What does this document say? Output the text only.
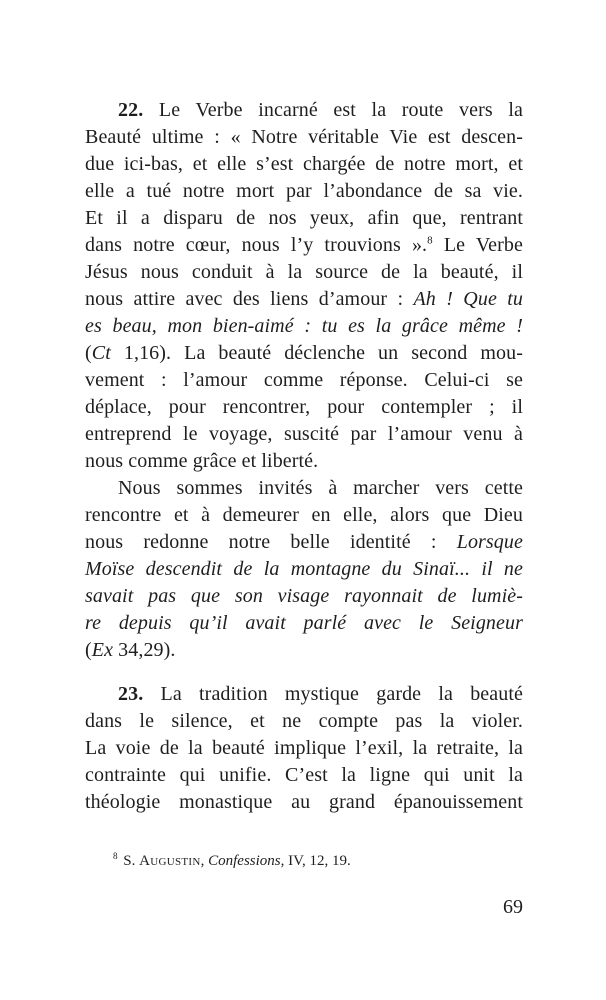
22. Le Verbe incarné est la route vers la
Beauté ultime : « Notre véritable Vie est descen-
due ici-bas, et elle s’est chargée de notre mort, et
elle a tué notre mort par l’abondance de sa vie.
Et il a disparu de nos yeux, afin que, rentrant
dans notre cœur, nous l’y trouvions ».$^8$ Le Verbe
Jésus nous conduit à la source de la beauté, il
nous attire avec des liens d’amour : Ah ! Que tu
es beau, mon bien-aimé : tu es la grâce même !
(Ct 1,16). La beauté déclenche un second mou-
vement : l’amour comme réponse. Celui-ci se
déplace, pour rencontrer, pour contempler ; il
entreprend le voyage, suscité par l’amour venu à
nous comme grâce et liberté.
Nous sommes invités à marcher vers cette
rencontre et à demeurer en elle, alors que Dieu
nous redonne notre belle identité : Lorsque
Moïse descendit de la montagne du Sinaï... il ne
savait pas que son visage rayonnait de lumiè-
re depuis qu’il avait parlé avec le Seigneur
(Ex 34,29).
23. La tradition mystique garde la beauté
dans le silence, et ne compte pas la violer.
La voie de la beauté implique l’exil, la retraite, la
contrainte qui unifie. C’est la ligne qui unit la
théologie monastique au grand épanouissement
$^8$ S. Augustin, Confessions, IV, 12, 19.
69
